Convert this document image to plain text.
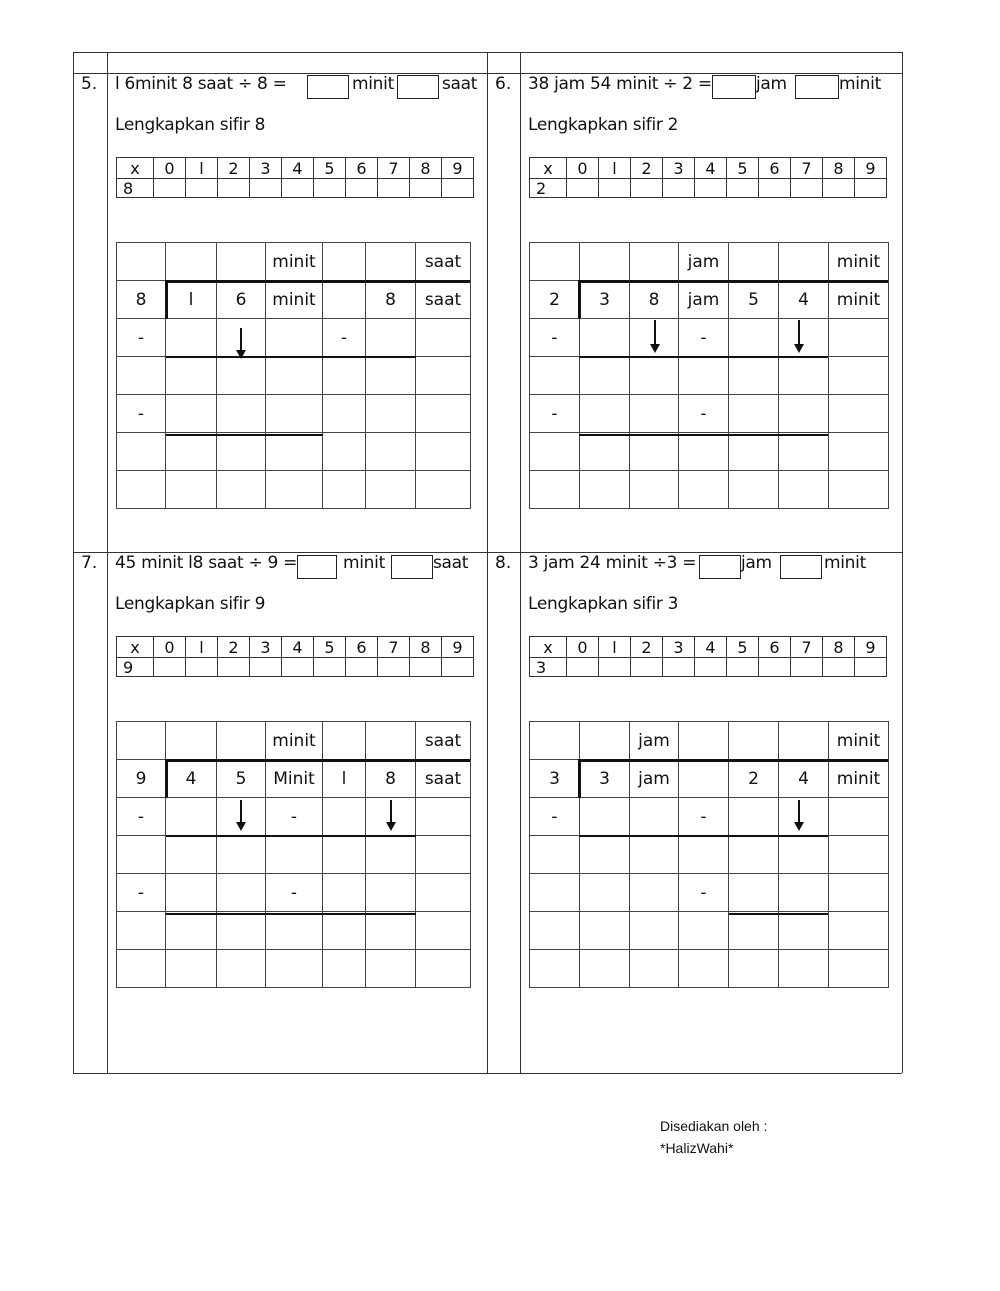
5. l 6minit 8 saat ÷ 8 =	minit	saat
Lengkapkan sifir 8
x	0	l	2	3	4	5	6	7	8	9
8										
			minit			saat
8	l	6	minit		8	saat
-				-		

-						

6. 38 jam 54 minit ÷ 2 =	jam	minit
Lengkapkan sifir 2
x	0	l	2	3	4	5	6	7	8	9
2										
			jam			minit
2	3	8	jam	5	4	minit
-			-			

-			-			

7. 45 minit l8 saat ÷ 9 =	minit	saat
Lengkapkan sifir 9
x	0	l	2	3	4	5	6	7	8	9
9										
			minit			saat
9	4	5	Minit	l	8	saat
-			-			

-			-			

8. 3 jam 24 minit ÷3 =	jam	minit
Lengkapkan sifir 3
x	0	l	2	3	4	5	6	7	8	9
3										
		jam				minit
3	3	jam		2	4	minit
-			-			

			-			

Disediakan oleh :
*HalizWahi*
